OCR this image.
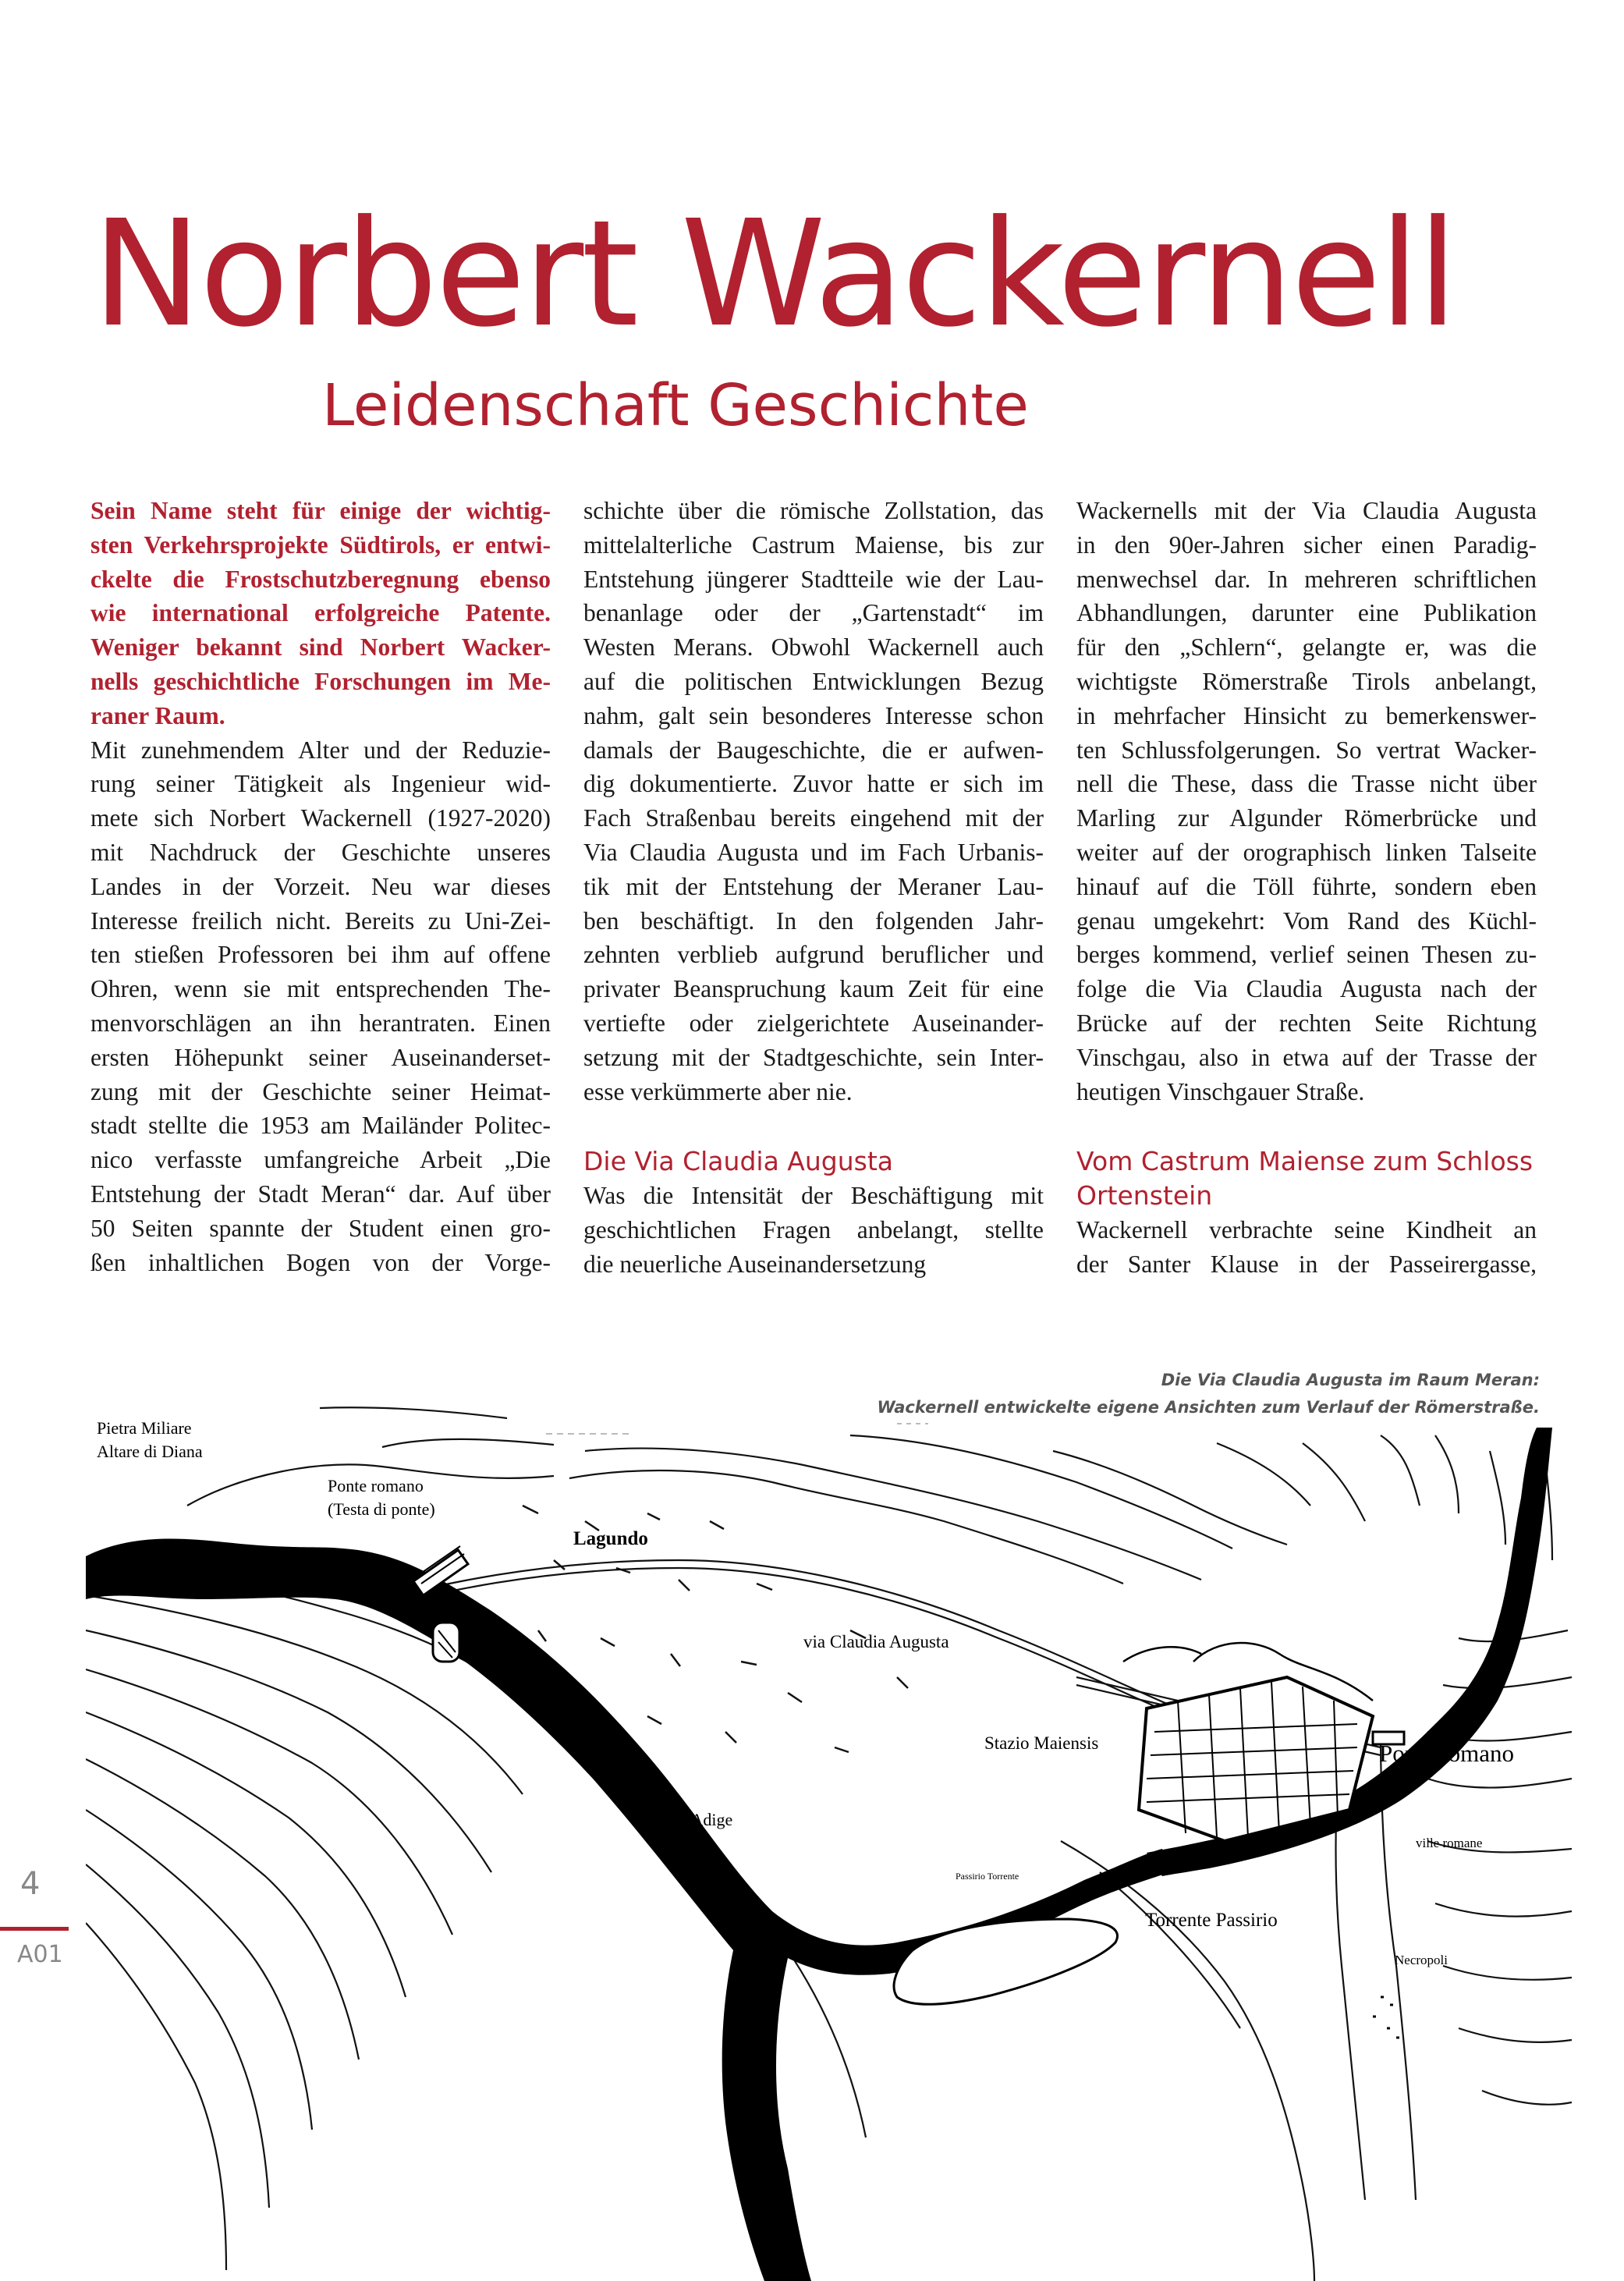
Norbert Wackernell
Leidenschaft Geschichte
Sein Name steht für einige der wichtig-
sten Verkehrsprojekte Südtirols, er entwi-
ckelte die Frostschutzberegnung ebenso
wie international erfolgreiche Patente.
Weniger bekannt sind Norbert Wacker-
nells geschichtliche Forschungen im Me-
raner Raum.
Mit zunehmendem Alter und der Reduzie-
rung seiner Tätigkeit als Ingenieur wid-
mete sich Norbert Wackernell (1927-2020)
mit Nachdruck der Geschichte unseres
Landes in der Vorzeit. Neu war dieses
Interesse freilich nicht. Bereits zu Uni-Zei-
ten stießen Professoren bei ihm auf offene
Ohren, wenn sie mit entsprechenden The-
menvorschlägen an ihn herantraten. Einen
ersten Höhepunkt seiner Auseinanderset-
zung mit der Geschichte seiner Heimat-
stadt stellte die 1953 am Mailänder Politec-
nico verfasste umfangreiche Arbeit „Die
Entstehung der Stadt Meran“ dar. Auf über
50 Seiten spannte der Student einen gro-
ßen inhaltlichen Bogen von der Vorge-
schichte über die römische Zollstation, das
mittelalterliche Castrum Maiense, bis zur
Entstehung jüngerer Stadtteile wie der Lau-
benanlage oder der „Gartenstadt“ im
Westen Merans. Obwohl Wackernell auch
auf die politischen Entwicklungen Bezug
nahm, galt sein besonderes Interesse schon
damals der Baugeschichte, die er aufwen-
dig dokumentierte. Zuvor hatte er sich im
Fach Straßenbau bereits eingehend mit der
Via Claudia Augusta und im Fach Urbanis-
tik mit der Entstehung der Meraner Lau-
ben beschäftigt. In den folgenden Jahr-
zehnten verblieb aufgrund beruflicher und
privater Beanspruchung kaum Zeit für eine
vertiefte oder zielgerichtete Auseinander-
setzung mit der Stadtgeschichte, sein Inter-
esse verkümmerte aber nie.
Die Via Claudia Augusta
Was die Intensität der Beschäftigung mit
geschichtlichen Fragen anbelangt, stellte
die neuerliche Auseinandersetzung
Wackernells mit der Via Claudia Augusta
in den 90er-Jahren sicher einen Paradig-
menwechsel dar. In mehreren schriftlichen
Abhandlungen, darunter eine Publikation
für den „Schlern“, gelangte er, was die
wichtigste Römerstraße Tirols anbelangt,
in mehrfacher Hinsicht zu bemerkenswer-
ten Schlussfolgerungen. So vertrat Wacker-
nell die These, dass die Trasse nicht über
Marling zur Algunder Römerbrücke und
weiter auf der orographisch linken Talseite
hinauf auf die Töll führte, sondern eben
genau umgekehrt: Vom Rand des Küchl-
berges kommend, verlief seinen Thesen zu-
folge die Via Claudia Augusta nach der
Brücke auf der rechten Seite Richtung
Vinschgau, also in etwa auf der Trasse der
heutigen Vinschgauer Straße.
Vom Castrum Maiense zum Schloss
Ortenstein
Wackernell verbrachte seine Kindheit an
der Santer Klause in der Passeirergasse,
Die Via Claudia Augusta im Raum Meran:
Wackernell entwickelte eigene Ansichten zum Verlauf der Römerstraße.
Pietra Miliare
Altare di Diana
Ponte romano
(Testa di ponte)
Lagundo
via Claudia Augusta
Stazio Maiensis	Ponte romano
ville romane
Fiume Adige
Passirio Torrente
Torrente Passirio
Necropoli
4
A01
